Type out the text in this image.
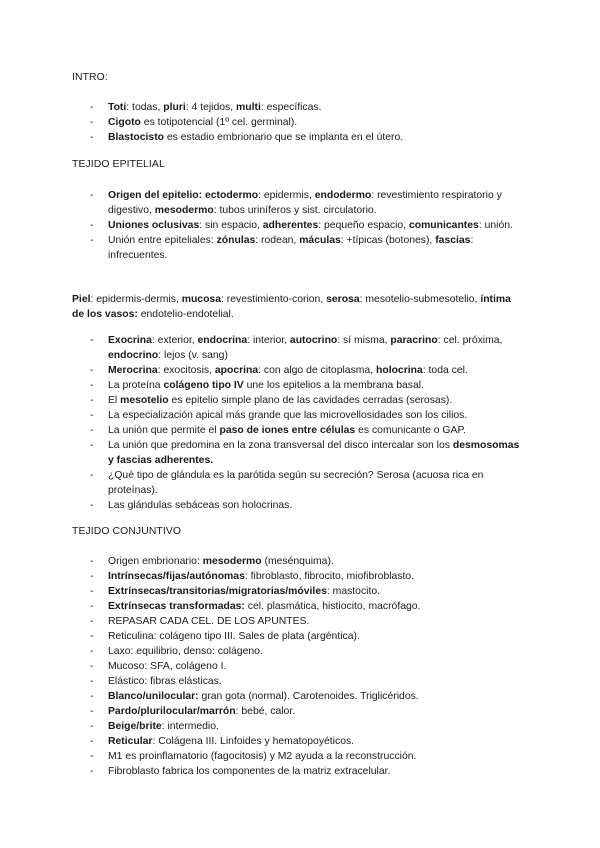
INTRO:
- Toti: todas, pluri: 4 tejidos, multi: específicas.
- Cigoto es totipotencial (1º cel. germinal).
- Blastocisto es estadio embrionario que se implanta en el útero.
TEJIDO EPITELIAL
- Origen del epitelio: ectodermo: epidermis, endodermo: revestimiento respiratorio y digestivo, mesodermo: tubos uriníferos y sist. circulatorio.
- Uniones oclusivas: sin espacio, adherentes: pequeño espacio, comunicantes: unión.
- Unión entre epiteliales: zónulas: rodean, máculas: +típicas (botones), fascias: infrecuentes.

Piel: epidermis-dermis, mucosa: revestimiento-corion, serosa: mesotelio-submesotelio, íntima de los vasos: endotelio-endotelial.

- Exocrina: exterior, endocrina: interior, autocrino: sí misma, paracrino: cel. próxima, endocrino: lejos (v. sang)
- Merocrina: exocitosis, apocrina: con algo de citoplasma, holocrina: toda cel.
- La proteína colágeno tipo IV une los epitelios a la membrana basal.
- El mesotelio es epitelio simple plano de las cavidades cerradas (serosas).
- La especialización apical más grande que las microvellosidades son los cilios.
- La unión que permite el paso de iones entre células es comunicante o GAP.
- La unión que predomina en la zona transversal del disco intercalar son los desmosomas y fascias adherentes.
- ¿Qué tipo de glándula es la parótida según su secreción? Serosa (acuosa rica en proteínas).
- Las glándulas sebáceas son holocrinas.
TEJIDO CONJUNTIVO
- Origen embrionario: mesodermo (mesénquima).
- Intrínsecas/fijas/autónomas: fibroblasto, fibrocito, miofibroblasto.
- Extrínsecas/transitorias/migratorias/móviles: mastocito.
- Extrínsecas transformadas: cel. plasmática, histiocito, macrófago.
- REPASAR CADA CEL. DE LOS APUNTES.
- Reticulina: colágeno tipo III. Sales de plata (argéntica).
- Laxo: equilibrio, denso: colágeno.
- Mucoso: SFA, colágeno I.
- Elástico: fibras elásticas.
- Blanco/unilocular: gran gota (normal). Carotenoides. Triglicéridos.
- Pardo/plurilocular/marrón: bebé, calor.
- Beige/brite: intermedio.
- Reticular: Colágena III. Linfoides y hematopoyéticos.
- M1 es proinflamatorio (fagocitosis) y M2 ayuda a la reconstrucción.
- Fibroblasto fabrica los componentes de la matriz extracelular.
